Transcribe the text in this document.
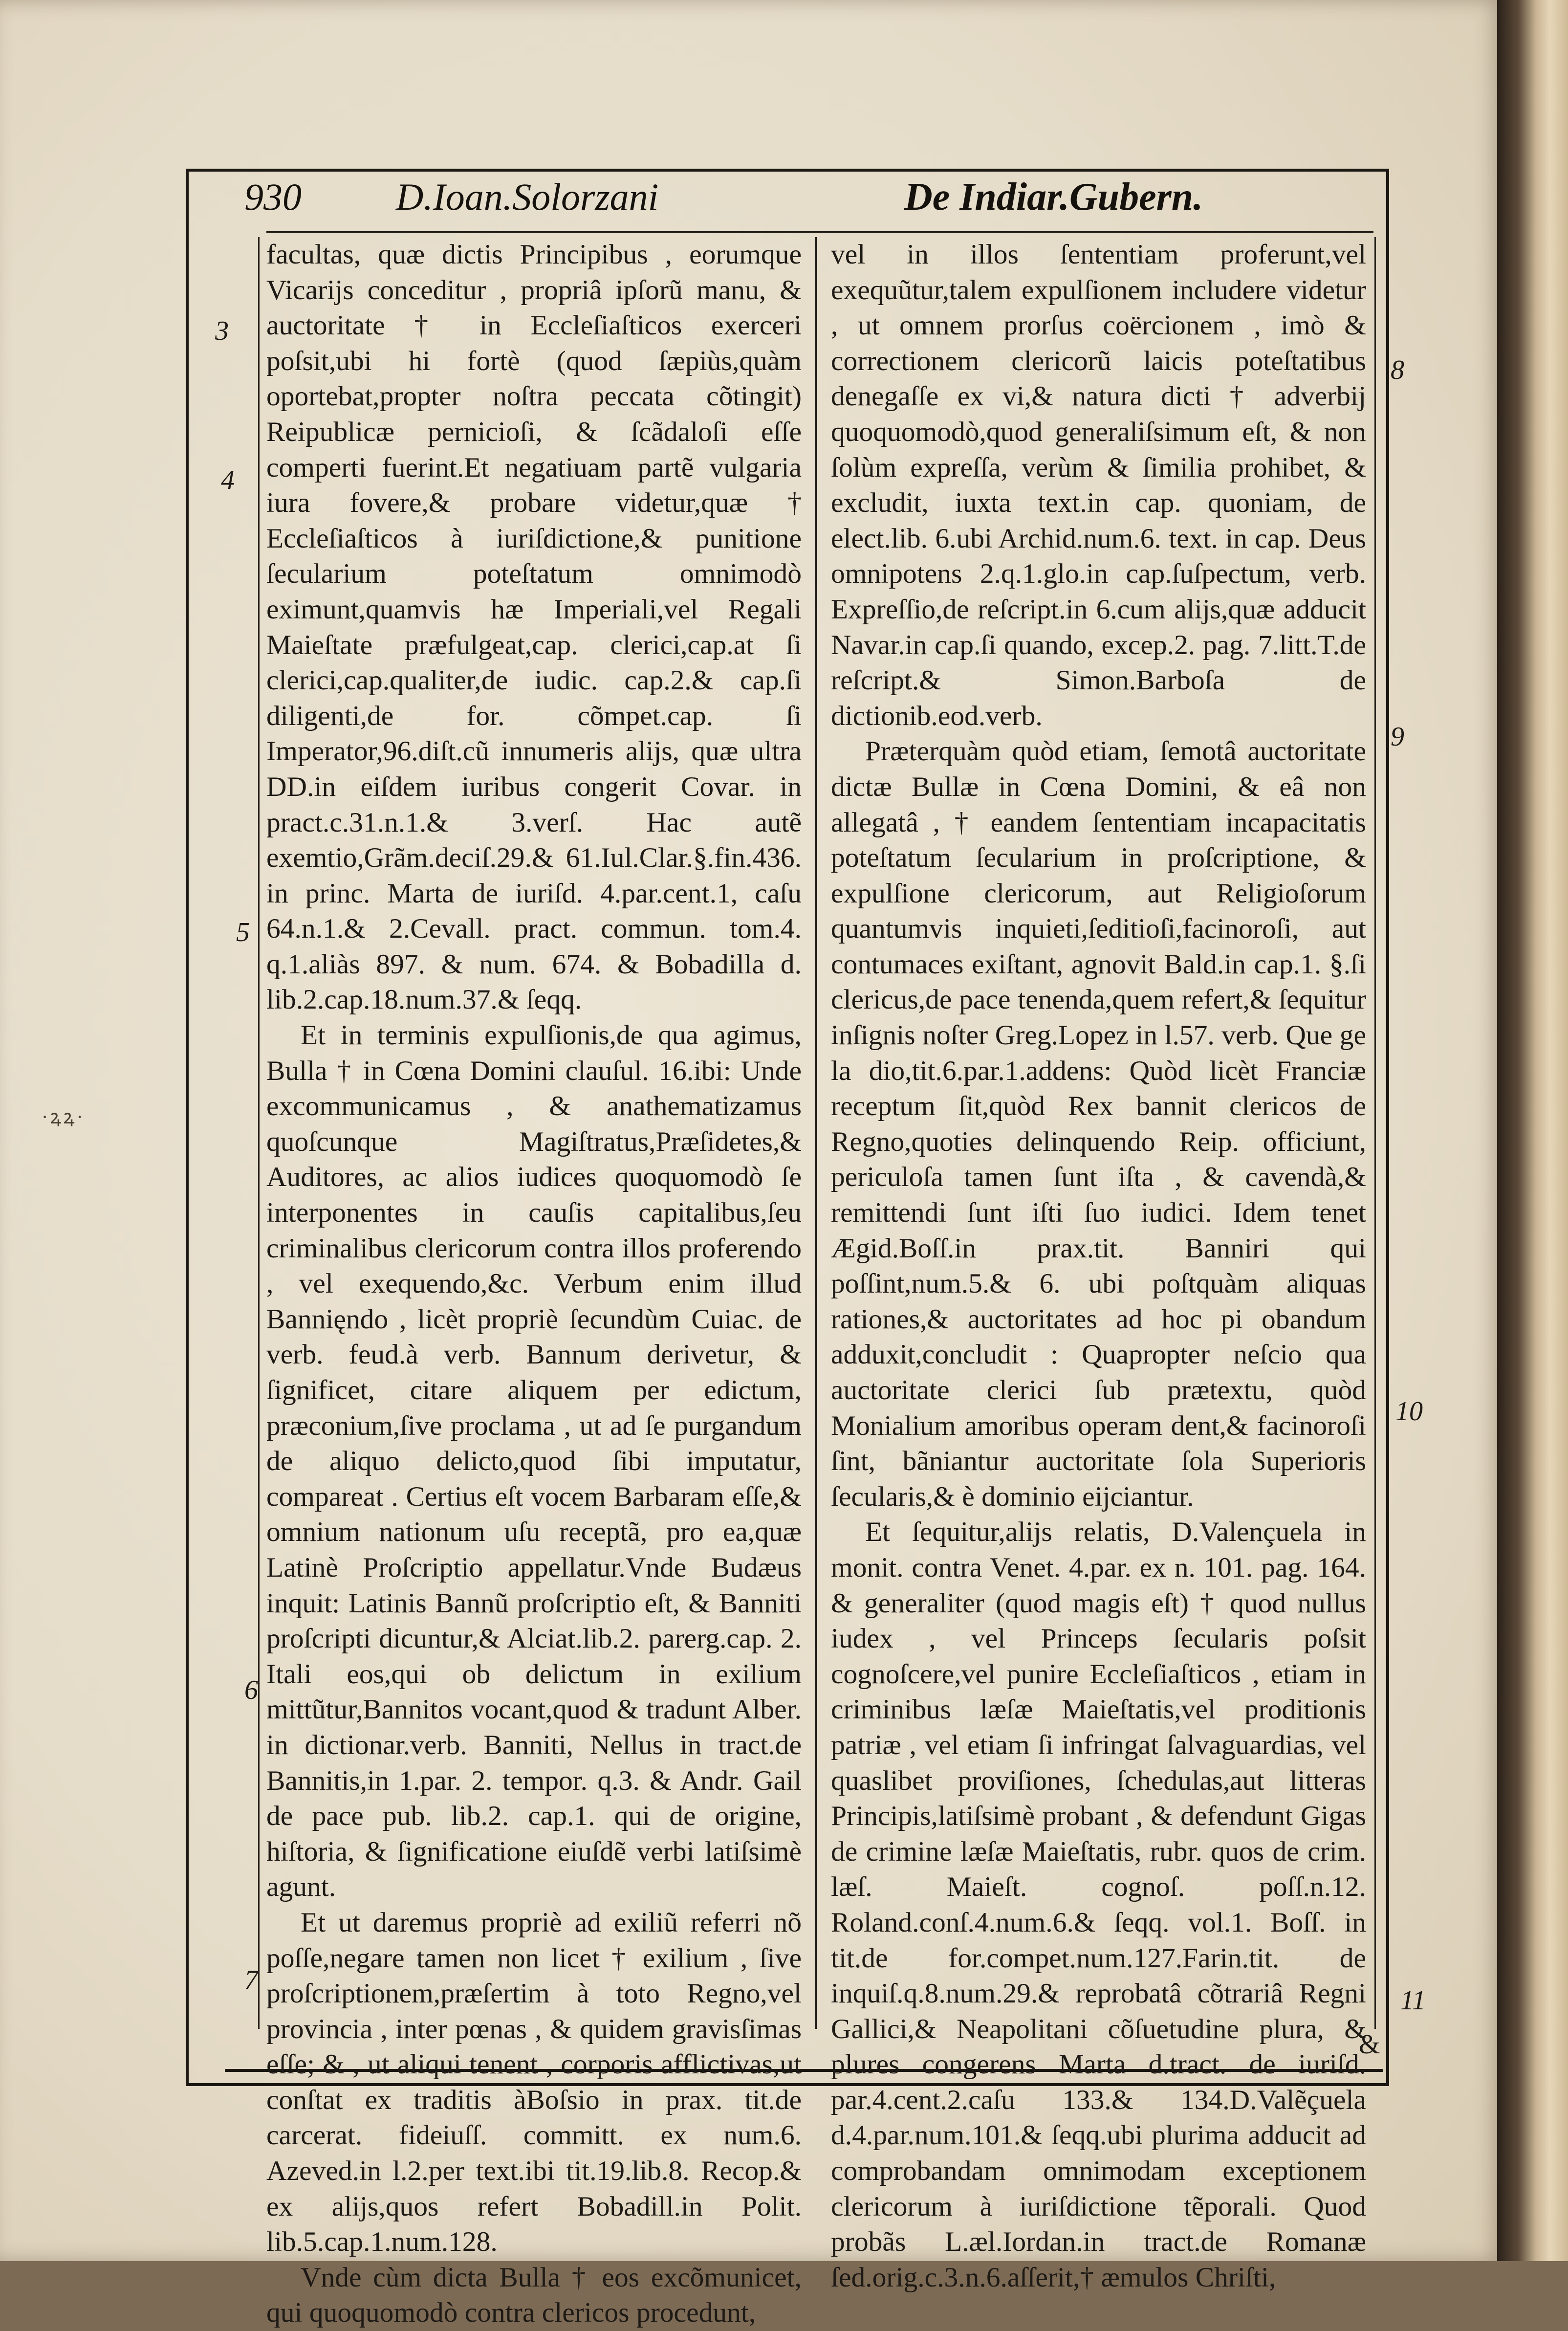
·ꝝꝝ·
930 D.Ioan.Solorzani	De Indiar.Gubern.

facultas, quæ dictis Principibus , eorumque Vicarijs conceditur , propriâ ipſorũ manu, & auctoritate † in Eccleſiaſticos exerceri poſsit,ubi hi fortè (quod ſæpiùs,quàm oportebat,propter noſtra peccata cõtingit) Reipublicæ pernicioſi, & ſcãdaloſi eſſe comperti fuerint.Et negatiuam partẽ vulgaria iura fovere,& probare videtur,quæ † Eccleſiaſticos à iuriſdictione,& punitione ſecularium poteſtatum omnimodò eximunt,quamvis hæ Imperiali,vel Regali Maieſtate præfulgeat,cap. clerici,cap.at ſi clerici,cap.qualiter,de iudic. cap.2.& cap.ſi diligenti,de for. cõmpet.cap. ſi Imperator,96.diſt.cũ innumeris alijs, quæ ultra DD.in eiſdem iuribus congerit Covar. in pract.c.31.n.1.& 3.verſ. Hac autẽ exemtio,Grãm.deciſ.29.& 61.Iul.Clar.§.fin.436. in princ. Marta de iuriſd. 4.par.cent.1, caſu 64.n.1.& 2.Cevall. pract. commun. tom.4. q.1.aliàs 897. & num. 674. & Bobadilla d. lib.2.cap.18.num.37.& ſeqq.

Et in terminis expulſionis,de qua agimus, Bulla † in Cœna Domini clauſul. 16.ibi: Unde excommunicamus , & anathematizamus quoſcunque Magiſtratus,Præſidetes,& Auditores, ac alios iudices quoquomodò ſe interponentes in cauſis capitalibus,ſeu criminalibus clericorum contra illos proferendo , vel exequendo,&c. Verbum enim illud Bannięndo , licèt propriè ſecundùm Cuiac. de verb. feud.à verb. Bannum derivetur, & ſignificet, citare aliquem per edictum, præconium,ſive proclama , ut ad ſe purgandum de aliquo delicto,quod ſibi imputatur, compareat . Certius eſt vocem Barbaram eſſe,& omnium nationum uſu receptã, pro ea,quæ Latinè Proſcriptio appellatur.Vnde Budæus inquit: Latinis Bannũ proſcriptio eſt, & Banniti proſcripti dicuntur,& Alciat.lib.2. parerg.cap. 2. Itali eos,qui ob delictum in exilium mittũtur,Bannitos vocant,quod & tradunt Alber. in dictionar.verb. Banniti, Nellus in tract.de Bannitis,in 1.par. 2. tempor. q.3. & Andr. Gail de pace pub. lib.2. cap.1. qui de origine, hiſtoria, & ſignificatione eiuſdẽ verbi latiſsimè agunt.

Et ut daremus propriè ad exiliũ referri nõ poſſe,negare tamen non licet † exilium , ſive proſcriptionem,præſertim à toto Regno,vel provincia , inter pœnas , & quidem gravisſimas eſſe; & , ut aliqui tenent , corporis afflictivas,ut conſtat ex traditis àBoſsio in prax. tit.de carcerat. fideiuſſ. committ. ex num.6. Azeved.in l.2.per text.ibi tit.19.lib.8. Recop.& ex alijs,quos refert Bobadill.in Polit. lib.5.cap.1.num.128.

Vnde cùm dicta Bulla † eos excõmunicet, qui quoquomodò contra clericos procedunt,

vel in illos ſententiam proferunt,vel exequũtur,talem expulſionem includere videtur , ut omnem prorſus coërcionem , imò & correctionem clericorũ laicis poteſtatibus denegaſſe ex vi,& natura dicti † adverbij quoquomodò,quod generaliſsimum eſt, & non ſolùm expreſſa, verùm & ſimilia prohibet, & excludit, iuxta text.in cap. quoniam, de elect.lib. 6.ubi Archid.num.6. text. in cap. Deus omnipotens 2.q.1.glo.in cap.ſuſpectum, verb. Expreſſio,de reſcript.in 6.cum alijs,quæ adducit Navar.in cap.ſi quando, excep.2. pag. 7.litt.T.de reſcript.& Simon.Barboſa de dictionib.eod.verb.

Præterquàm quòd etiam, ſemotâ auctoritate dictæ Bullæ in Cœna Domini, & eâ non allegatâ , † eandem ſententiam incapacitatis poteſtatum ſecularium in proſcriptione, & expulſione clericorum, aut Religioſorum quantumvis inquieti,ſeditioſi,facinoroſi, aut contumaces exiſtant, agnovit Bald.in cap.1. §.ſi clericus,de pace tenenda,quem refert,& ſequitur inſignis noſter Greg.Lopez in l.57. verb. Que ge la dio,tit.6.par.1.addens: Quòd licèt Franciæ receptum ſit,quòd Rex bannit clericos de Regno,quoties delinquendo Reip. officiunt, periculoſa tamen ſunt iſta , & cavendà,& remittendi ſunt iſti ſuo iudici. Idem tenet Ægid.Boſſ.in prax.tit. Banniri qui poſſint,num.5.& 6. ubi poſtquàm aliquas rationes,& auctoritates ad hoc pi obandum adduxit,concludit : Quapropter neſcio qua auctoritate clerici ſub prætextu, quòd Monialium amoribus operam dent,& facinoroſi ſint, bãniantur auctoritate ſola Superioris ſecularis,& è dominio eijciantur.

Et ſequitur,alijs relatis, D.Valençuela in monit. contra Venet. 4.par. ex n. 101. pag. 164. & generaliter (quod magis eſt) † quod nullus iudex , vel Princeps ſecularis poſsit cognoſcere,vel punire Eccleſiaſticos , etiam in criminibus læſæ Maieſtatis,vel proditionis patriæ , vel etiam ſi infringat ſalvaguardias, vel quaslibet proviſiones, ſchedulas,aut litteras Principis,latiſsimè probant , & defendunt Gigas de crimine læſæ Maieſtatis, rubr. quos de crim. læſ. Maieſt. cognoſ. poſſ.n.12. Roland.conſ.4.num.6.& ſeqq. vol.1. Boſſ. in tit.de for.compet.num.127.Farin.tit. de inquiſ.q.8.num.29.& reprobatâ cõtrariâ Regni Gallici,& Neapolitani cõſuetudine plura, & plures congerens Marta d.tract. de iuriſd. par.4.cent.2.caſu 133.& 134.D.Valẽçuela d.4.par.num.101.& ſeqq.ubi plurima adducit ad comprobandam omnimodam exceptionem clericorum à iuriſdictione tẽporali. Quod probãs L.æl.Iordan.in tract.de Romanæ ſed.orig.c.3.n.6.aſſerit,† æmulos Chriſti,

3
4
5
6
7
8
9
10
11
&
